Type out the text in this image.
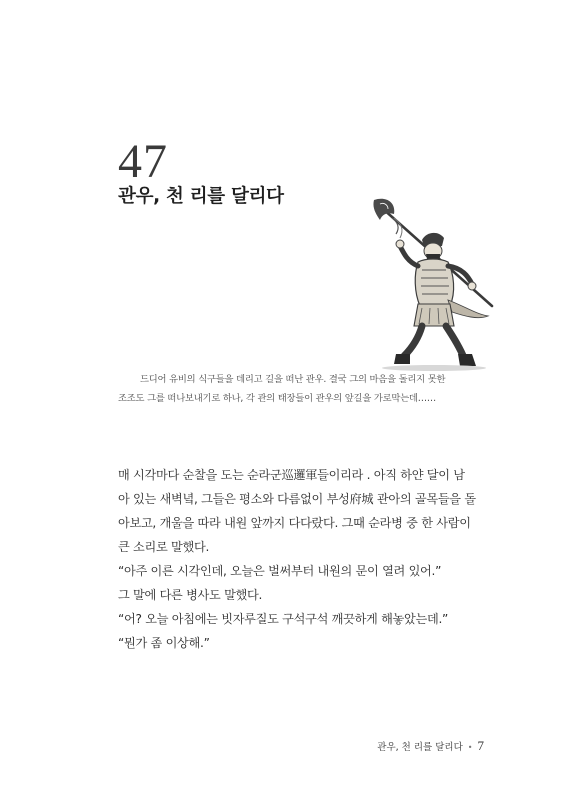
47
관우, 천 리를 달리다
드디어 유비의 식구들을 데리고 길을 떠난 관우. 결국 그의 마음을 돌리지 못한
조조도 그를 떠나보내기로 하나, 각 관의 태장들이 관우의 앞길을 가로막는데……
매 시각마다 순찰을 도는 순라군巡邏軍들이리라 . 아직 하얀 달이 남
아 있는 새벽녘, 그들은 평소와 다름없이 부성府城 관아의 골목들을 돌
아보고, 개울을 따라 내원 앞까지 다다랐다. 그때 순라병 중 한 사람이
큰 소리로 말했다.
“아주 이른 시각인데, 오늘은 벌써부터 내원의 문이 열려 있어.”
그 말에 다른 병사도 말했다.
“어? 오늘 아침에는 빗자루질도 구석구석 깨끗하게 해놓았는데.”
“뭔가 좀 이상해.”
관우, 천 리를 달리다 • 7
